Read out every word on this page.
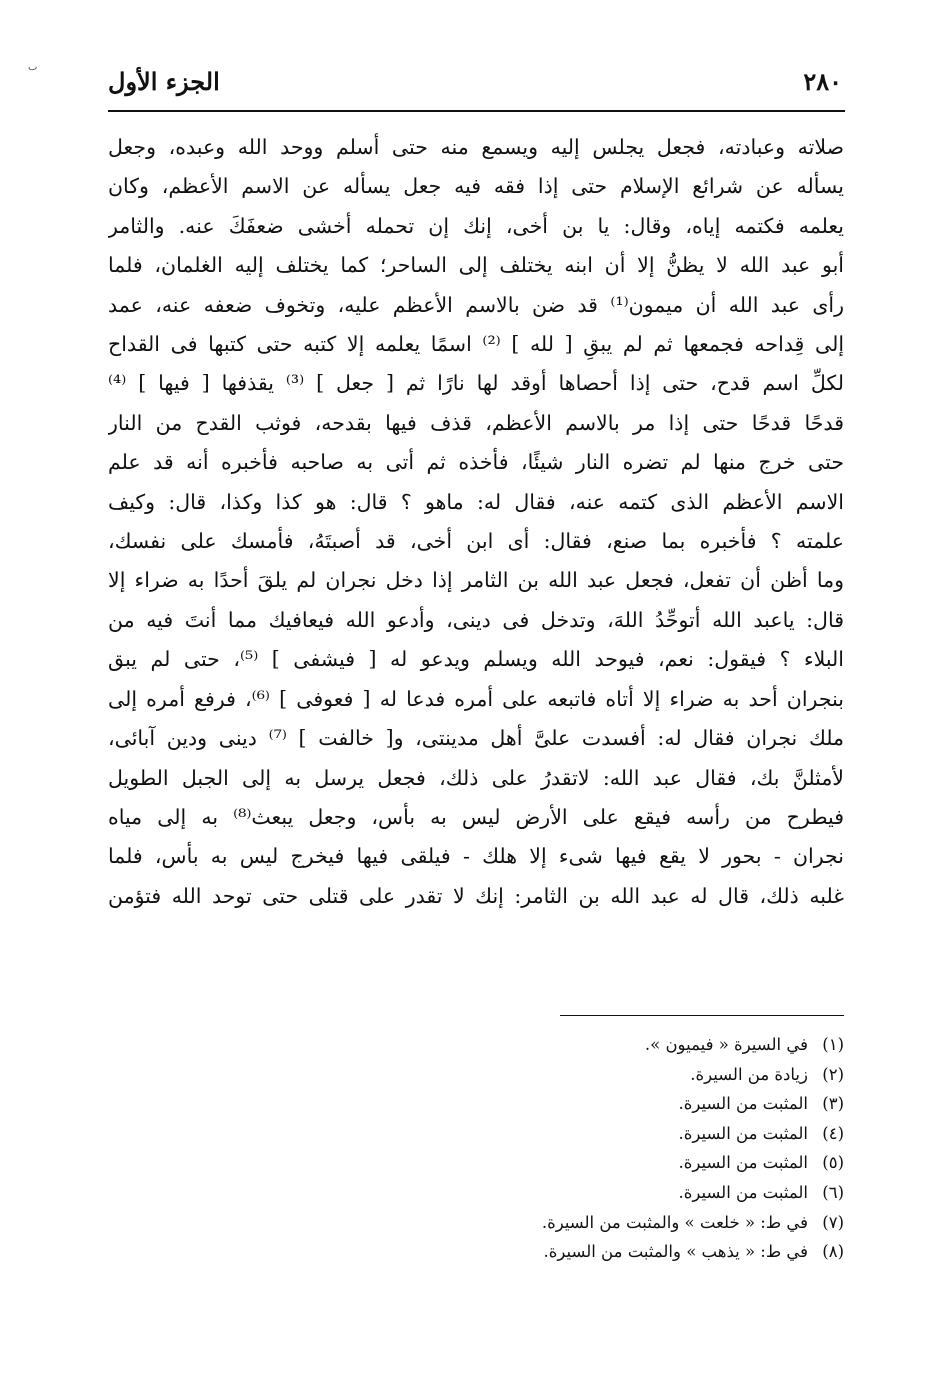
ٮ	٢٨٠
الجزء الأول
صلاته وعبادته، فجعل يجلس إليه ويسمع منه حتى أسلم ووحد الله وعبده، وجعل
يسأله عن شرائع الإسلام حتى إذا فقه فيه جعل يسأله عن الاسم الأعظم، وكان
يعلمه فكتمه إياه، وقال: يا بن أخى، إنك إن تحمله أخشى ضعفَكَ عنه. والثامر
أبو عبد الله لا يظنُّ إلا أن ابنه يختلف إلى الساحر؛ كما يختلف إليه الغلمان، فلما
رأى عبد الله أن ميمون⁽¹⁾ قد ضن بالاسم الأعظم عليه، وتخوف ضعفه عنه، عمد
إلى قِداحه فجمعها ثم لم يبقِ [ لله ] ⁽²⁾ اسمًا يعلمه إلا كتبه حتى كتبها فى القداح
لكلِّ اسم قدح، حتى إذا أحصاها أوقد لها نارًا ثم [ جعل ] ⁽³⁾ يقذفها [ فيها ] ⁽⁴⁾
قدحًا قدحًا حتى إذا مر بالاسم الأعظم، قذف فيها بقدحه، فوثب القدح من النار
حتى خرج منها لم تضره النار شيئًا، فأخذه ثم أتى به صاحبه فأخبره أنه قد علم
الاسم الأعظم الذى كتمه عنه، فقال له: ماهو ؟ قال: هو كذا وكذا، قال: وكيف
علمته ؟ فأخبره بما صنع، فقال: أى ابن أخى، قد أصبتَهُ، فأمسك على نفسك،
وما أظن أن تفعل، فجعل عبد الله بن الثامر إذا دخل نجران لم يلقَ أحدًا به ضراء إلا
قال: ياعبد الله أتوحِّدُ اللهَ، وتدخل فى دينى، وأدعو الله فيعافيك مما أنتَ فيه من
البلاء ؟ فيقول: نعم، فيوحد الله ويسلم ويدعو له [ فيشفى ] ⁽⁵⁾، حتى لم يبق
بنجران أحد به ضراء إلا أتاه فاتبعه على أمره فدعا له [ فعوفى ] ⁽⁶⁾، فرفع أمره إلى
ملك نجران فقال له: أفسدت علىَّ أهل مدينتى، و[ خالفت ] ⁽⁷⁾ دينى ودين آبائى،
لأمثلنَّ بك، فقال عبد الله: لاتقدرُ على ذلك، فجعل يرسل به إلى الجبل الطويل
فيطرح من رأسه فيقع على الأرض ليس به بأس، وجعل يبعث⁽⁸⁾ به إلى مياه
نجران - بحور لا يقع فيها شىء إلا هلك - فيلقى فيها فيخرج ليس به بأس، فلما
غلبه ذلك، قال له عبد الله بن الثامر: إنك لا تقدر على قتلى حتى توحد الله فتؤمن
(١)
في السيرة « فيميون ».
(٢)
زيادة من السيرة.
(٣)
المثبت من السيرة.
(٤)
المثبت من السيرة.
(٥)
المثبت من السيرة.
(٦)
المثبت من السيرة.
(٧)
في ط: « خلعت » والمثبت من السيرة.
(٨)
في ط: « يذهب » والمثبت من السيرة.
